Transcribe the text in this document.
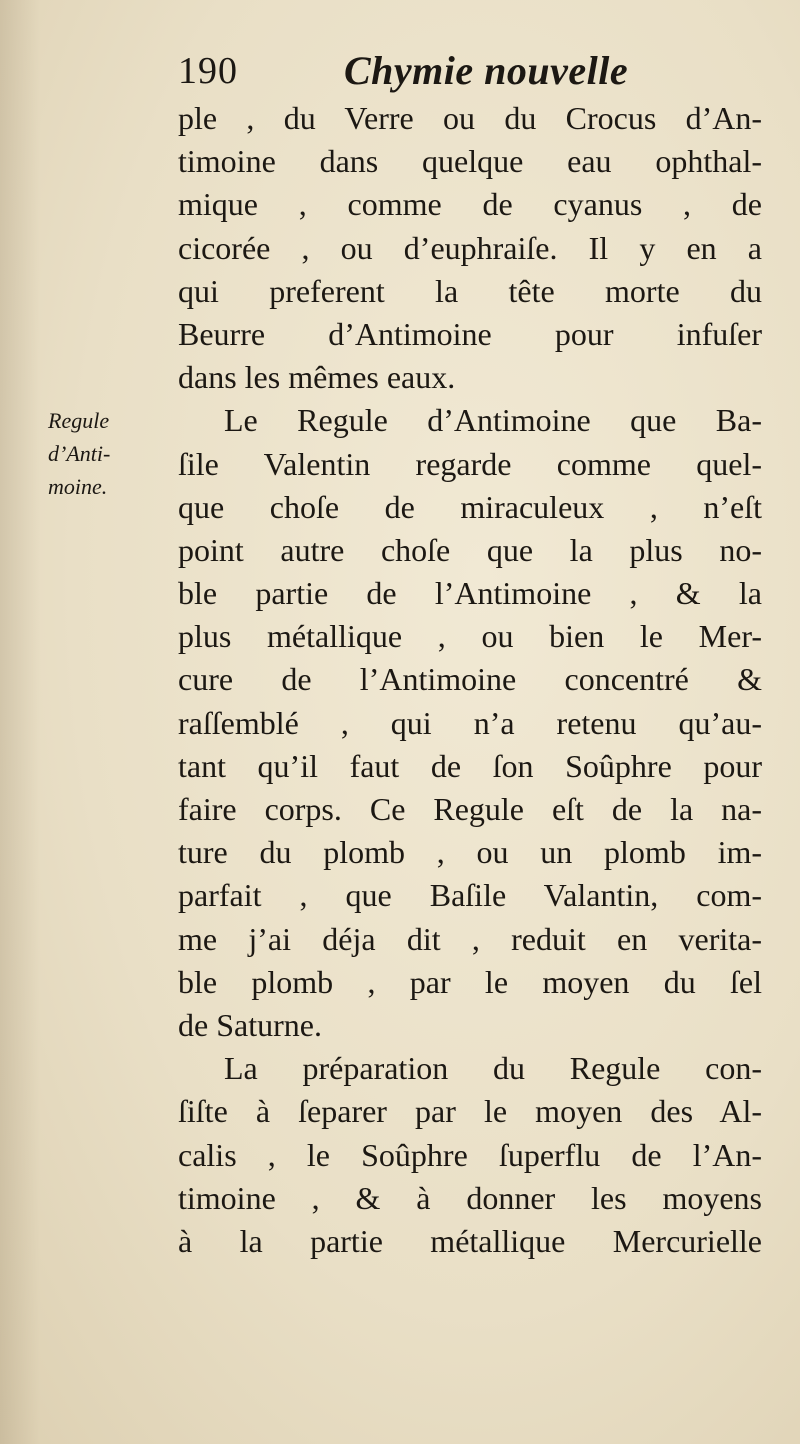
190	Chymie nouvelle
Regule
d’Anti-
moine.
ple , du Verre ou du Crocus d’An-
timoine dans quelque eau ophthal-
mique , comme de cyanus , de
cicorée , ou d’euphraiſe. Il y en a
qui preferent la tête morte du
Beurre d’Antimoine pour infuſer
dans les mêmes eaux.
Le Regule d’Antimoine que Ba-
ſile Valentin regarde comme quel-
que choſe de miraculeux , n’eſt
point autre choſe que la plus no-
ble partie de l’Antimoine , & la
plus métallique , ou bien le Mer-
cure de l’Antimoine concentré &
raſſemblé , qui n’a retenu qu’au-
tant qu’il faut de ſon Soûphre pour
faire corps. Ce Regule eſt de la na-
ture du plomb , ou un plomb im-
parfait , que Baſile Valantin, com-
me j’ai déja dit , reduit en verita-
ble plomb , par le moyen du ſel
de Saturne.
La préparation du Regule con-
ſiſte à ſeparer par le moyen des Al-
calis , le Soûphre ſuperflu de l’An-
timoine , & à donner les moyens
à la partie métallique Mercurielle
